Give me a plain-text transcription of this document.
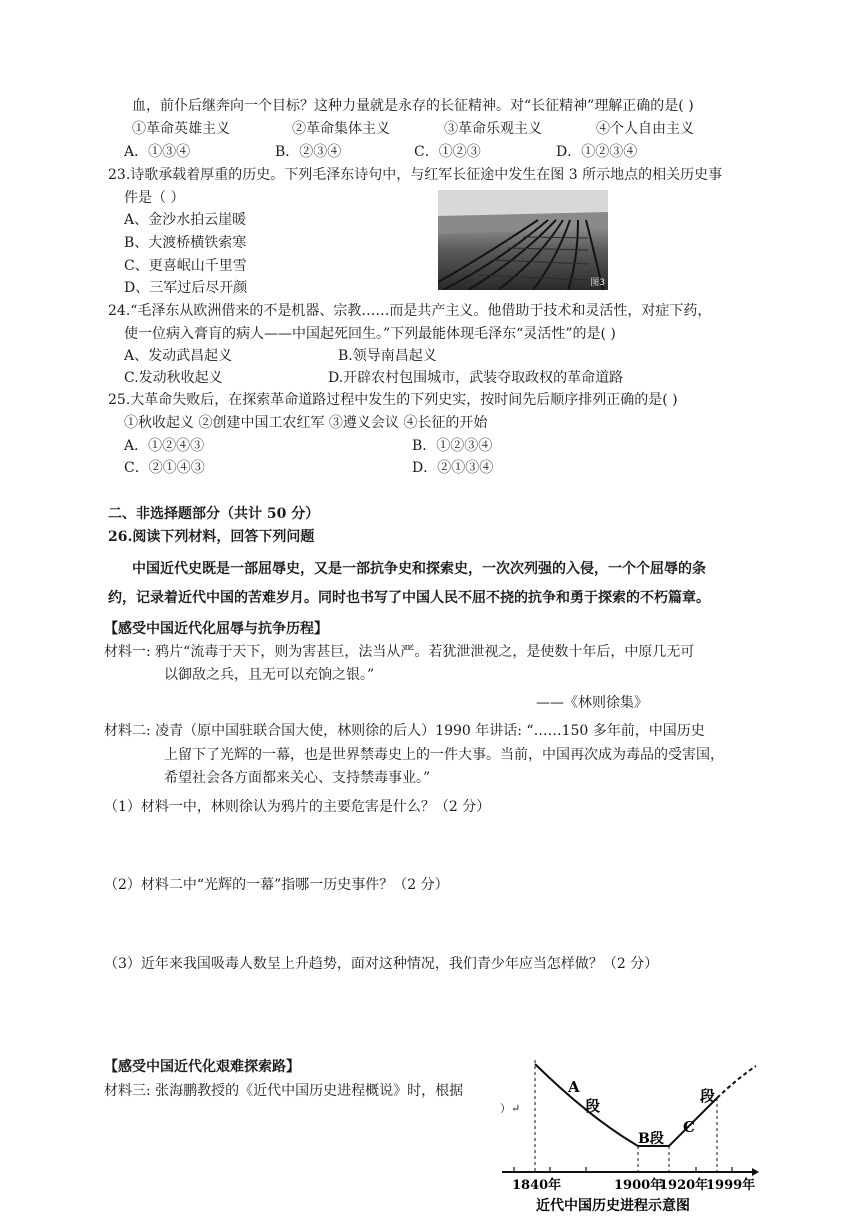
血，前仆后继奔向一个目标？这种力量就是永存的长征精神。对“长征精神”理解正确的是( )
①革命英雄主义	②革命集体主义	③革命乐观主义	④个人自由主义
A．①③④	B．②③④	C．①②③	D．①②③④
23.诗歌承载着厚重的历史。下列毛泽东诗句中，与红军长征途中发生在图 3 所示地点的相关历史事
件是（ ）
A、金沙水拍云崖暖
B、大渡桥横铁索寒
C、更喜岷山千里雪
D、三军过后尽开颜	图3
24.“毛泽东从欧洲借来的不是机器、宗教……而是共产主义。他借助于技术和灵活性，对症下药，
使一位病入膏肓的病人——中国起死回生。”下列最能体现毛泽东“灵活性”的是( )
A、发动武昌起义	B.领导南昌起义
C.发动秋收起义	D.开辟农村包围城市，武装夺取政权的革命道路
25.大革命失败后，在探索革命道路过程中发生的下列史实，按时间先后顺序排列正确的是( )
①秋收起义 ②创建中国工农红军 ③遵义会议 ④长征的开始
A．①②④③	B．①②③④
C．②①④③	D．②①③④
二、非选择题部分（共计 50 分）
26.阅读下列材料，回答下列问题
中国近代史既是一部屈辱史，又是一部抗争史和探索史，一次次列强的入侵，一个个屈辱的条
约，记录着近代中国的苦难岁月。同时也书写了中国人民不屈不挠的抗争和勇于探索的不朽篇章。
【感受中国近代化屈辱与抗争历程】
材料一: 鸦片“流毒于天下，则为害甚巨，法当从严。若犹泄泄视之，是使数十年后，中原几无可
以御敌之兵，且无可以充饷之银。”
——《林则徐集》
材料二: 凌青（原中国驻联合国大使，林则徐的后人）1990 年讲话: “……150 多年前，中国历史
上留下了光辉的一幕，也是世界禁毒史上的一件大事。当前，中国再次成为毒品的受害国，
希望社会各方面都来关心、支持禁毒事业。”
（1）材料一中，林则徐认为鸦片的主要危害是什么？（2 分）
（2）材料二中“光辉的一幕”指哪一历史事件？（2 分）
（3）近年来我国吸毒人数呈上升趋势，面对这种情况，我们青少年应当怎样做？（2 分）
【感受中国近代化艰难探索路】
材料三: 张海鹏教授的《近代中国历史进程概说》时，根据
）↵
A
段
B段
C
段
1840年	1900年
1920年
1999年
近代中国历史进程示意图
